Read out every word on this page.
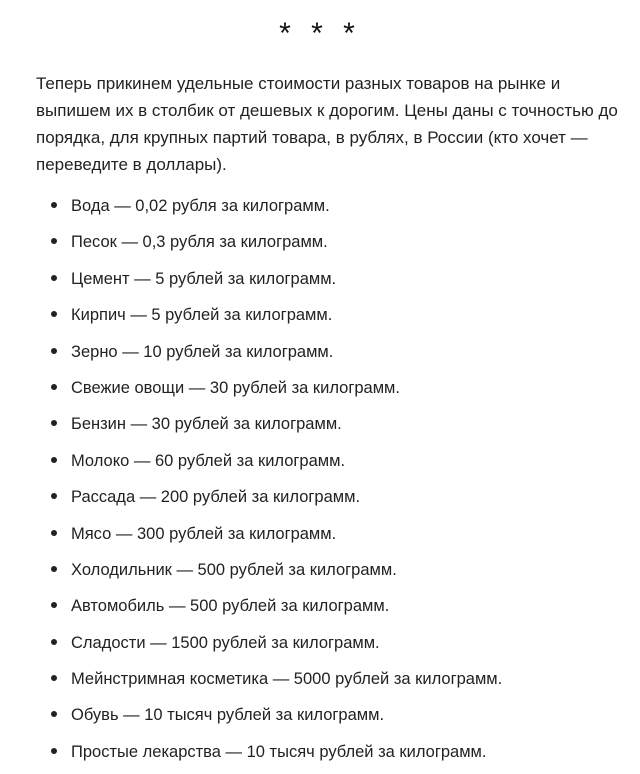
* * *

Теперь прикинем удельные стоимости разных товаров на рынке и выпишем их в столбик от дешевых к дорогим. Цены даны с точностью до порядка, для крупных партий товара, в рублях, в России (кто хочет — переведите в доллары).

Вода — 0,02 рубля за килограмм.
Песок — 0,3 рубля за килограмм.
Цемент — 5 рублей за килограмм.
Кирпич — 5 рублей за килограмм.
Зерно — 10 рублей за килограмм.
Свежие овощи — 30 рублей за килограмм.
Бензин — 30 рублей за килограмм.
Молоко — 60 рублей за килограмм.
Рассада — 200 рублей за килограмм.
Мясо — 300 рублей за килограмм.
Холодильник — 500 рублей за килограмм.
Автомобиль — 500 рублей за килограмм.
Сладости — 1500 рублей за килограмм.
Мейнстримная косметика — 5000 рублей за килограмм.
Обувь — 10 тысяч рублей за килограмм.
Простые лекарства — 10 тысяч рублей за килограмм.
